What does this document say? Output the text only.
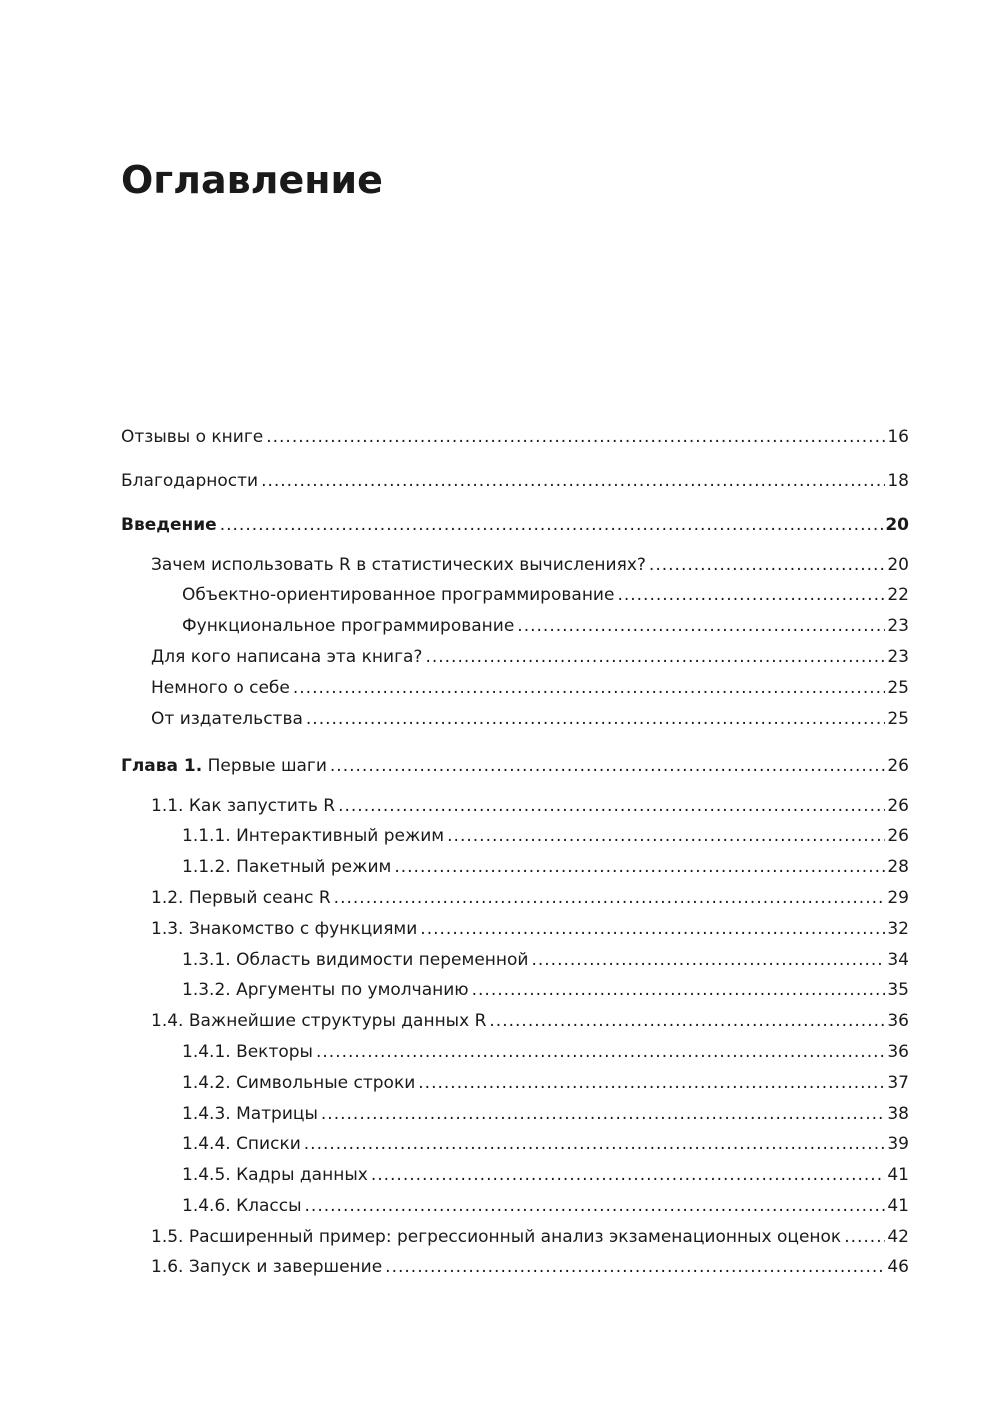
Оглавление
Отзывы о книге .....	16
Благодарности .....	18
Введение .....	20
Зачем использовать R в статистических вычислениях? .....	20
Объектно-ориентированное программирование .....	22
Функциональное программирование .....	23
Для кого написана эта книга? .....	23
Немного о себе .....	25
От издательства .....	25
Глава 1. Первые шаги .....	26
1.1. Как запустить R .....	26
1.1.1. Интерактивный режим .....	26
1.1.2. Пакетный режим .....	28
1.2. Первый сеанс R .....	29
1.3. Знакомство с функциями .....	32
1.3.1. Область видимости переменной .....	34
1.3.2. Аргументы по умолчанию .....	35
1.4. Важнейшие структуры данных R .....	36
1.4.1. Векторы .....	36
1.4.2. Символьные строки .....	37
1.4.3. Матрицы .....	38
1.4.4. Списки .....	39
1.4.5. Кадры данных .....	41
1.4.6. Классы .....	41
1.5. Расширенный пример: регрессионный анализ экзаменационных оценок .....	42
1.6. Запуск и завершение .....	46
